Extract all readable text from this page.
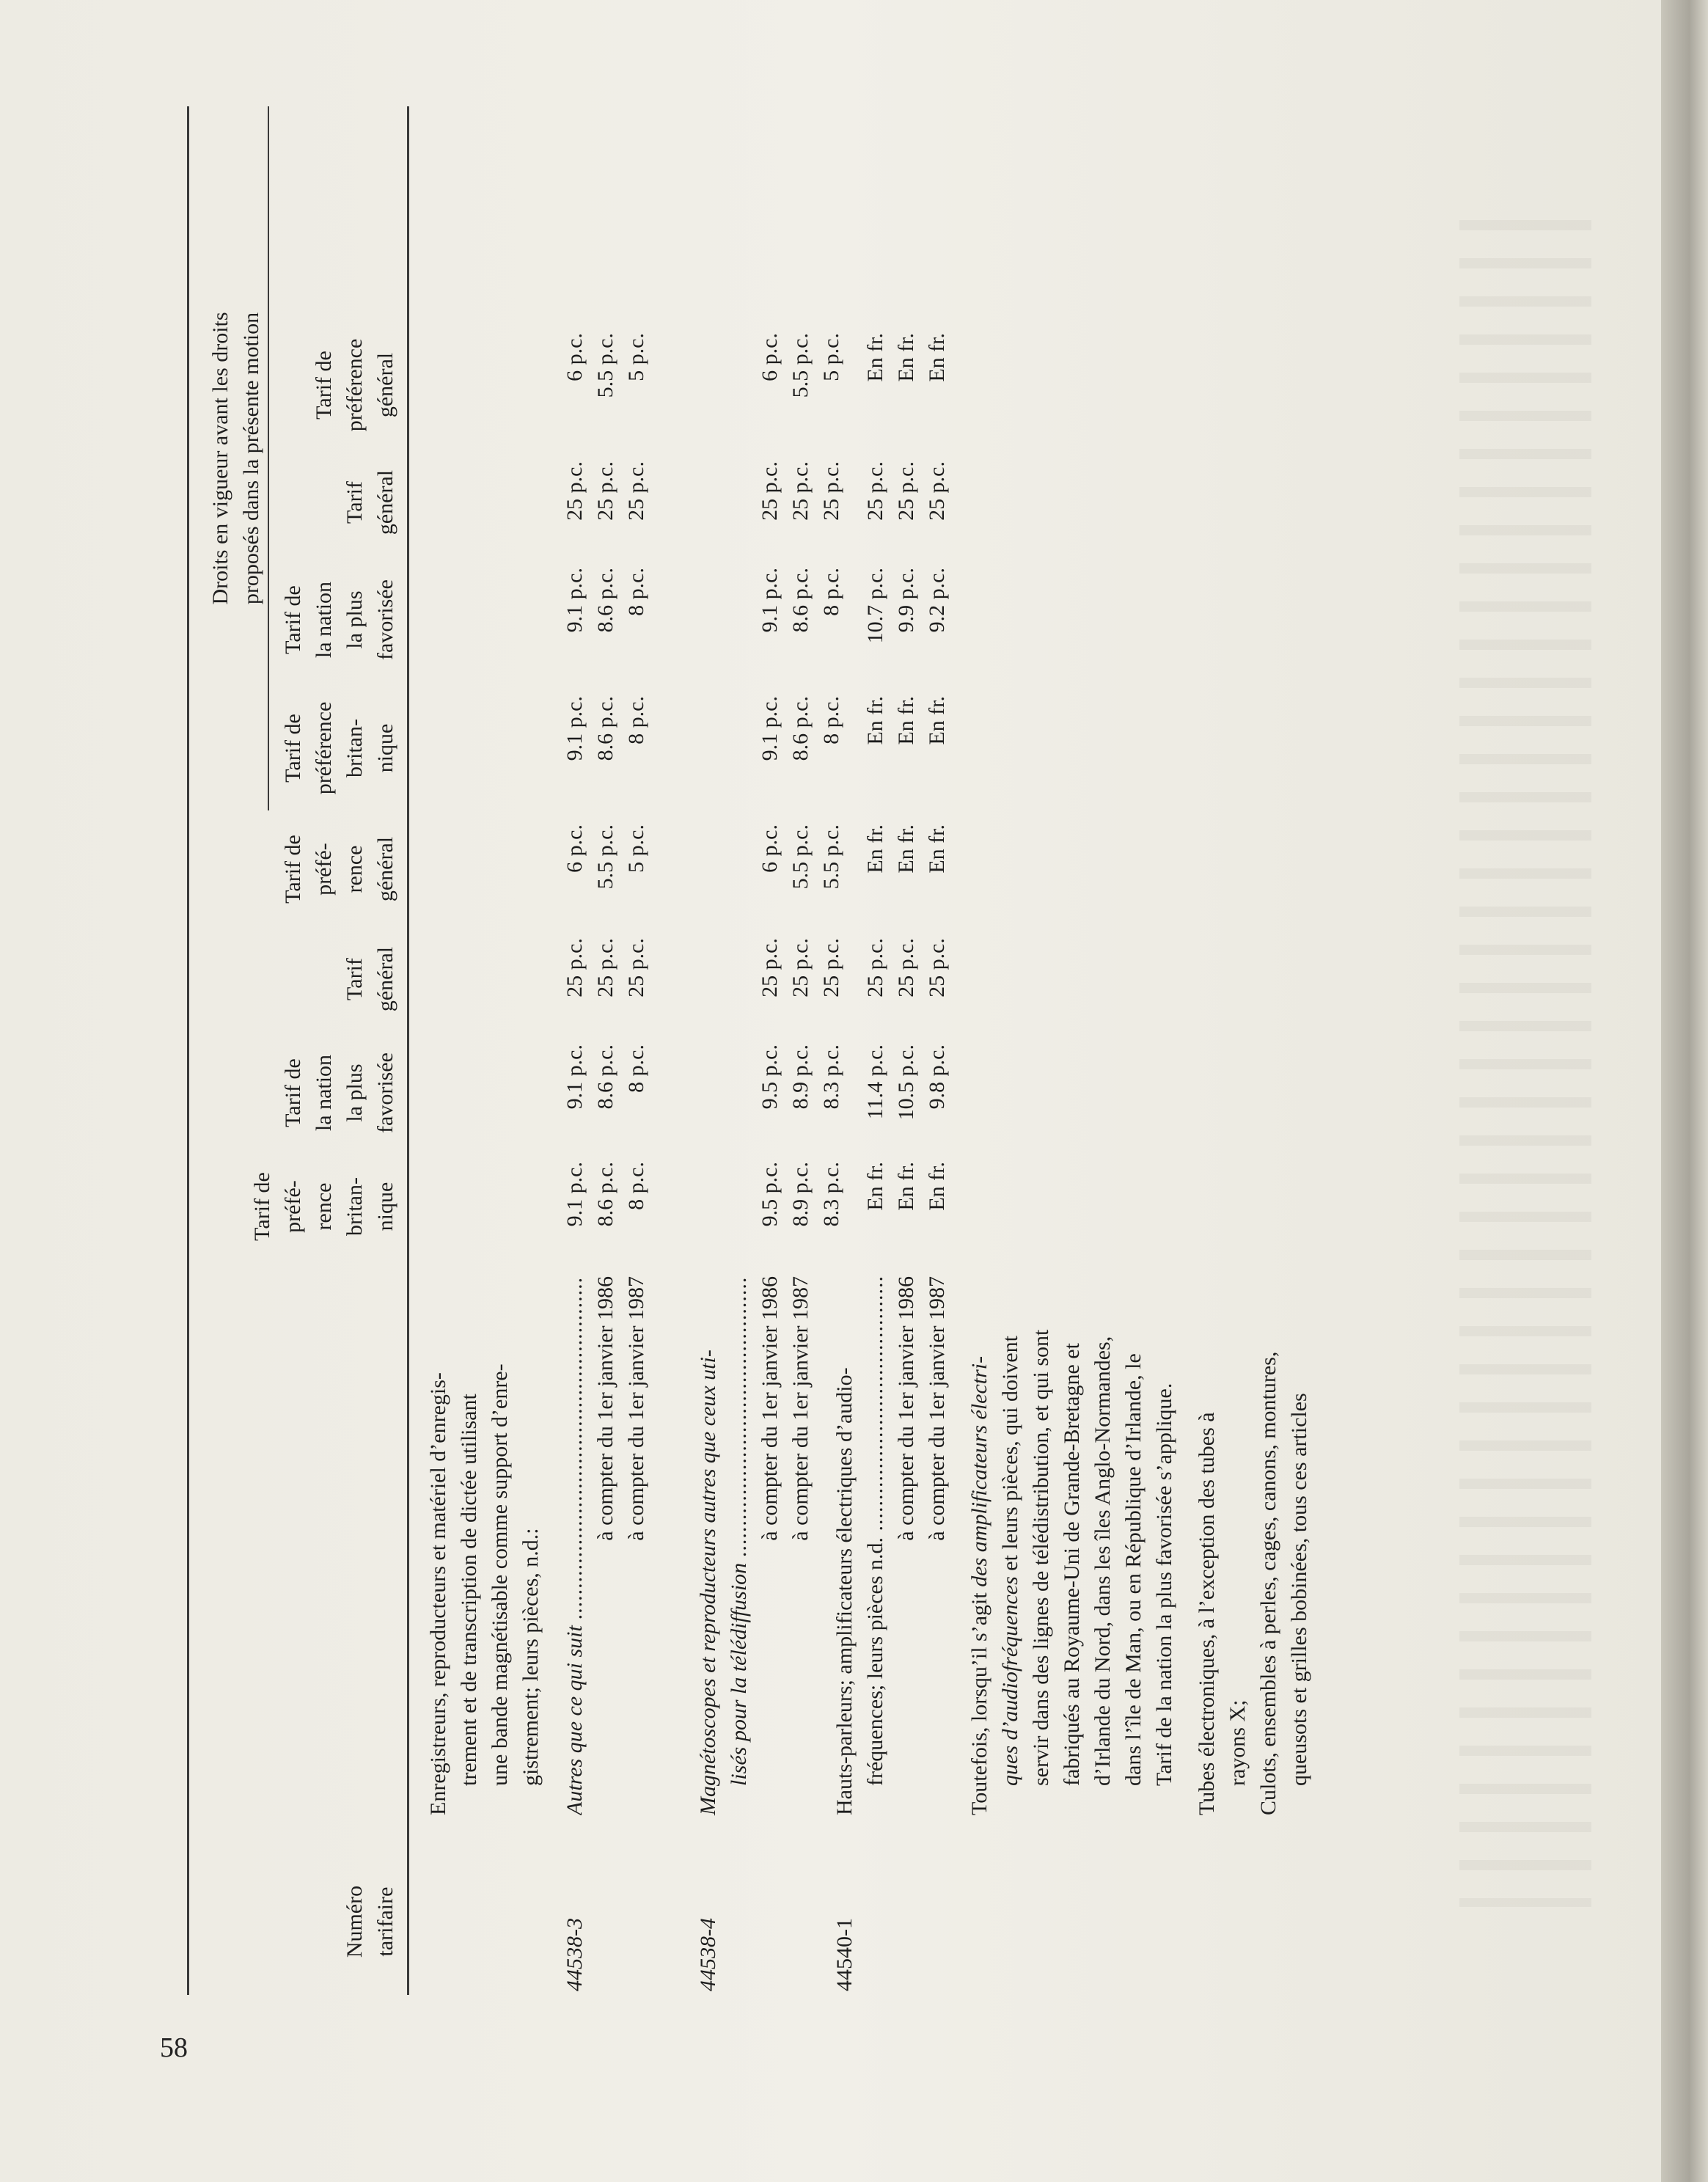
58
Droits en vigueur avant les droits proposés dans la présente motion
Numéro tarifaire
Tarif de préfé- rence britan- nique
Tarif de la nation la plus favorisée
Tarif général
Tarif de préfé- rence général
Tarif de préférence britan- nique
Tarif de la nation la plus favorisée
Tarif général
Tarif de préférence général
Enregistreurs, reproducteurs et matériel d’enregis- trement et de transcription de dictée utilisant une bande magnétisable comme support d’enre- gistrement; leurs pièces, n.d.:
44538-3
Autres que ce qui suit .....
à compter du 1er janvier 1986 à compter du 1er janvier 1987
44538-4
Magnétoscopes et reproducteurs autres que ceux uti- lisés pour la télédiffusion .....
à compter du 1er janvier 1986 à compter du 1er janvier 1987
44540-1
Hauts-parleurs; amplificateurs électriques d’audio- fréquences; leurs pièces n.d. .....
à compter du 1er janvier 1986 à compter du 1er janvier 1987
Toutefois, lorsqu’il s’agit des amplificateurs électri-
ques d’audiofréquences et leurs pièces, qui doivent servir dans des lignes de télédistribution, et qui sont fabriqués au Royaume-Uni de Grande-Bretagne et d’Irlande du Nord, dans les îles Anglo-Normandes, dans l’île de Man, ou en République d’Irlande, le Tarif de la nation la plus favorisée s’applique. Tubes électroniques, à l’exception des tubes à rayons X; Culots, ensembles à perles, cages, canons, montures, queusots et grilles bobinées, tous ces articles
9.1 p.c.
9.1 p.c.
25 p.c.
6 p.c.
9.1 p.c.
9.1 p.c.
25 p.c.
6 p.c.
8.6 p.c.
8.6 p.c.
25 p.c.
5.5 p.c.
8.6 p.c.
8.6 p.c.
25 p.c.
5.5 p.c.
8 p.c.
8 p.c.
25 p.c.
5 p.c.
8 p.c.
8 p.c.
25 p.c.
5 p.c.
9.5 p.c.
9.5 p.c.
25 p.c.
6 p.c.
9.1 p.c.
9.1 p.c.
25 p.c.
6 p.c.
8.9 p.c.
8.9 p.c.
25 p.c.
5.5 p.c.
8.6 p.c.
8.6 p.c.
25 p.c.
5.5 p.c.
8.3 p.c.
8.3 p.c.
25 p.c.
5.5 p.c.
8 p.c.
8 p.c.
25 p.c.
5 p.c.
En fr.
11.4 p.c.
25 p.c.
En fr.
En fr.
10.7 p.c.
25 p.c.
En fr.
En fr.
10.5 p.c.
25 p.c.
En fr.
En fr.
9.9 p.c.
25 p.c.
En fr.
En fr.
9.8 p.c.
25 p.c.
En fr.
En fr.
9.2 p.c.
25 p.c.
En fr.
